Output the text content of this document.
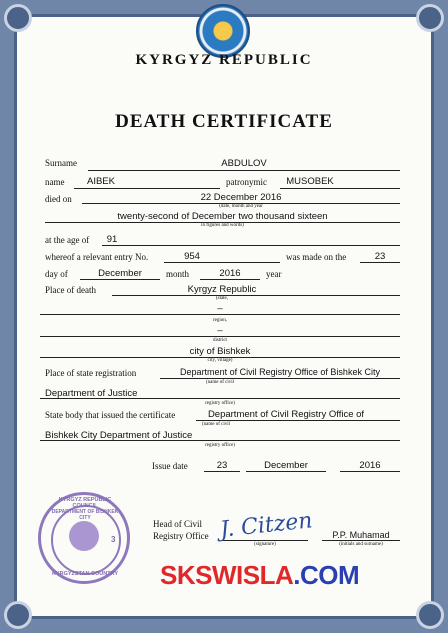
KYRGYZ REPUBLIC
DEATH CERTIFICATE
Surname	ABDULOV
name	AIBEK	patronymic	MUSOBEK
died on	22 December 2016
(date, month and year
twenty-second of December two thousand sixteen
in figures and words)
at the age of	91
whereof a relevant entry No.	954	was made on the	23
day of	December	month	2016	year
Place of death	Kyrgyz Republic
(state,
–
region,
–
district
city of Bishkek
city, village)
Place of state registration	Department of Civil Registry Office of Bishkek City
(name of civil
Department of Justice
registry office)
State body that issued the certificate	Department of Civil Registry Office of
(name of civil
Bishkek City Department of Justice
registry office)
Issue date	23	December	2016
Head of Civil
Registry Office
(signature)
J. Citzen	P.P. Muhamad
(initials and surname)
KYRGYZ REPUBLIC COUNCIL
DEPARTMENT OF BISHKEK CITY
KYRGYZSTAN COUNTRY
3
SKSWISLA.COM
